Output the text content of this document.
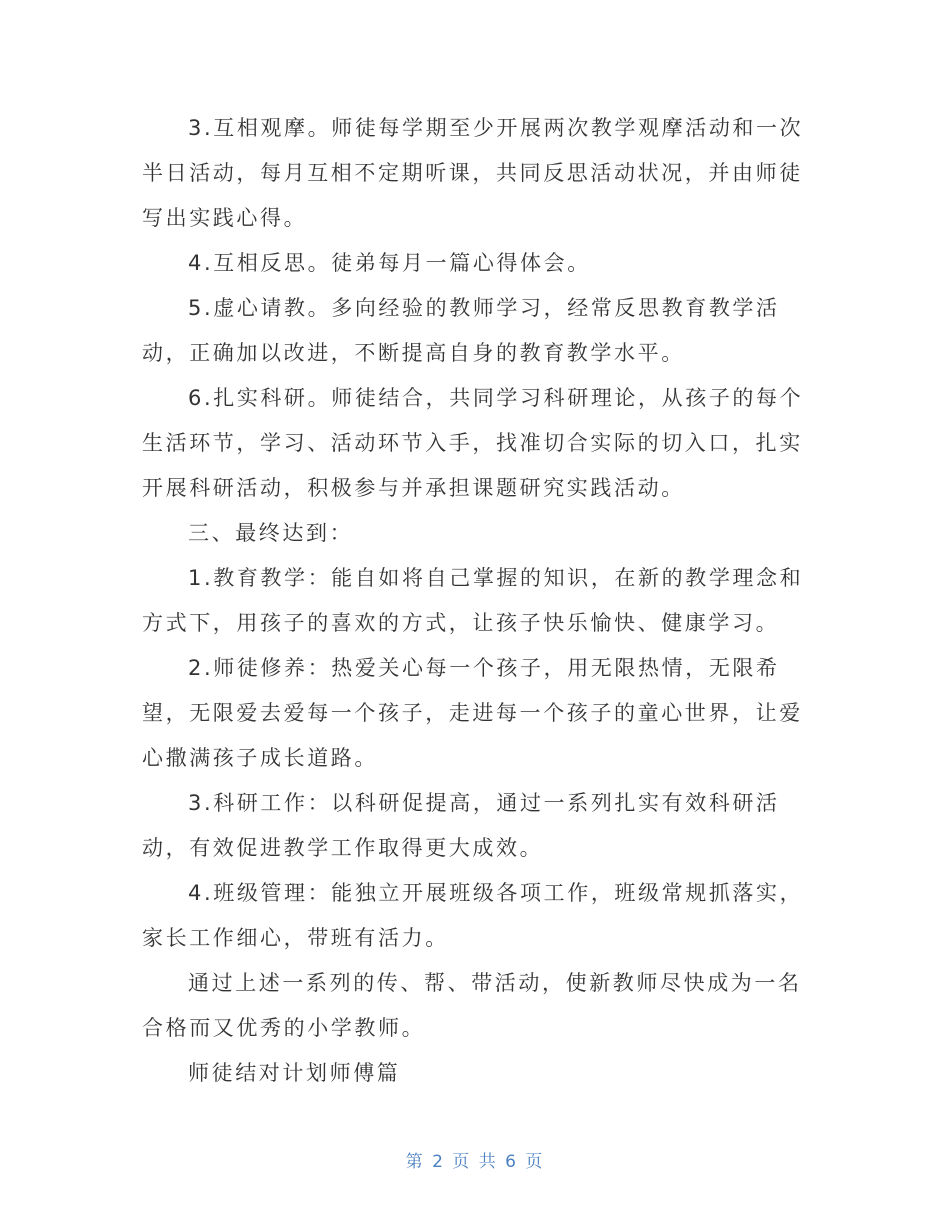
3.互相观摩。师徒每学期至少开展两次教学观摩活动和一次
半日活动，每月互相不定期听课，共同反思活动状况，并由师徒
写出实践心得。
4.互相反思。徒弟每月一篇心得体会。
5.虚心请教。多向经验的教师学习，经常反思教育教学活
动，正确加以改进，不断提高自身的教育教学水平。
6.扎实科研。师徒结合，共同学习科研理论，从孩子的每个
生活环节，学习、活动环节入手，找准切合实际的切入口，扎实
开展科研活动，积极参与并承担课题研究实践活动。
三、最终达到：
1.教育教学：能自如将自己掌握的知识，在新的教学理念和
方式下，用孩子的喜欢的方式，让孩子快乐愉快、健康学习。
2.师徒修养：热爱关心每一个孩子，用无限热情，无限希
望，无限爱去爱每一个孩子，走进每一个孩子的童心世界，让爱
心撒满孩子成长道路。
3.科研工作：以科研促提高，通过一系列扎实有效科研活
动，有效促进教学工作取得更大成效。
4.班级管理：能独立开展班级各项工作，班级常规抓落实，
家长工作细心，带班有活力。
通过上述一系列的传、帮、带活动，使新教师尽快成为一名
合格而又优秀的小学教师。
师徒结对计划师傅篇
第 2 页 共 6 页
